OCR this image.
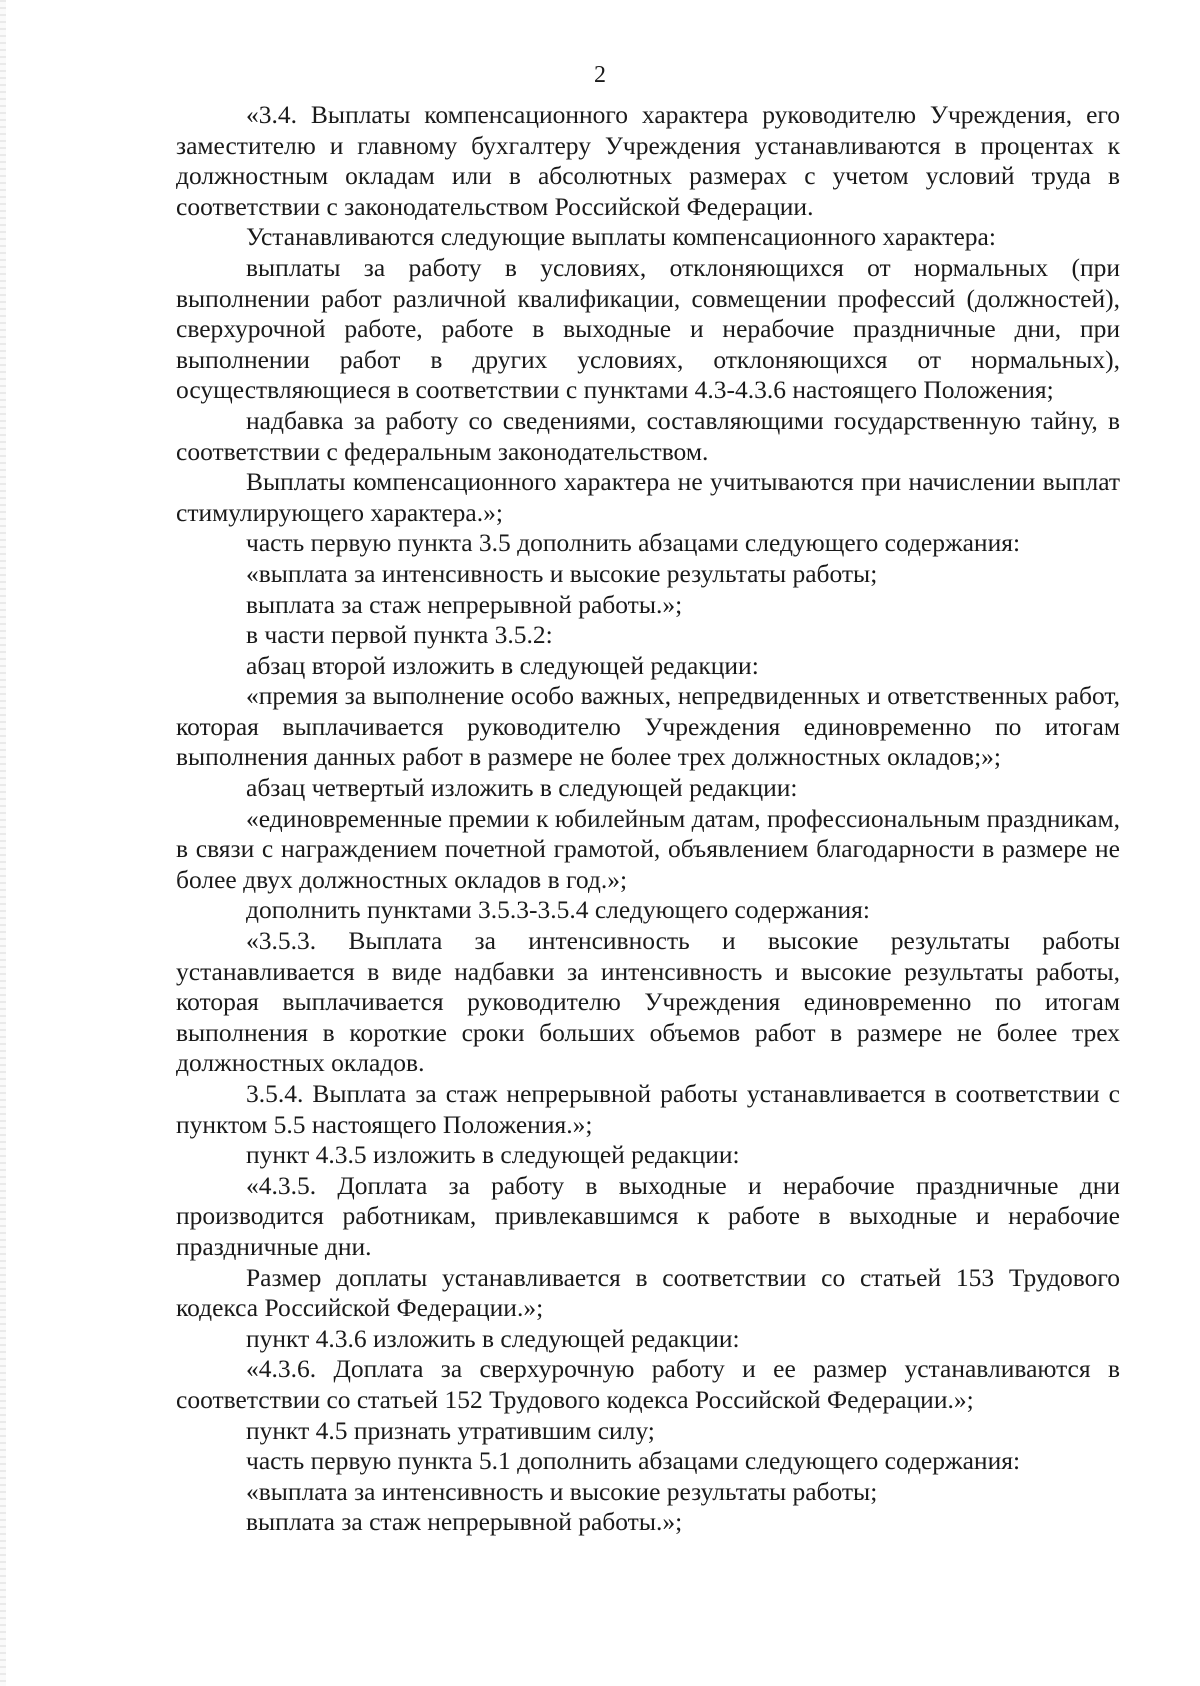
2

«3.4. Выплаты компенсационного характера руководителю Учреждения, его заместителю и главному бухгалтеру Учреждения устанавливаются в процентах к должностным окладам или в абсолютных размерах с учетом условий труда в соответствии с законодательством Российской Федерации.

Устанавливаются следующие выплаты компенсационного характера:

выплаты за работу в условиях, отклоняющихся от нормальных (при выполнении работ различной квалификации, совмещении профессий (должностей), сверхурочной работе, работе в выходные и нерабочие праздничные дни, при выполнении работ в других условиях, отклоняющихся от нормальных), осуществляющиеся в соответствии с пунктами 4.3-4.3.6 настоящего Положения;

надбавка за работу со сведениями, составляющими государственную тайну, в соответствии с федеральным законодательством.

Выплаты компенсационного характера не учитываются при начислении выплат стимулирующего характера.»;

часть первую пункта 3.5 дополнить абзацами следующего содержания:

«выплата за интенсивность и высокие результаты работы;

выплата за стаж непрерывной работы.»;

в части первой пункта 3.5.2:

абзац второй изложить в следующей редакции:

«премия за выполнение особо важных, непредвиденных и ответственных работ, которая выплачивается руководителю Учреждения единовременно по итогам выполнения данных работ в размере не более трех должностных окладов;»;

абзац четвертый изложить в следующей редакции:

«единовременные премии к юбилейным датам, профессиональным праздникам, в связи с награждением почетной грамотой, объявлением благодарности в размере не более двух должностных окладов в год.»;

дополнить пунктами 3.5.3-3.5.4 следующего содержания:

«3.5.3. Выплата за интенсивность и высокие результаты работы устанавливается в виде надбавки за интенсивность и высокие результаты работы, которая выплачивается руководителю Учреждения единовременно по итогам выполнения в короткие сроки больших объемов работ в размере не более трех должностных окладов.

3.5.4. Выплата за стаж непрерывной работы устанавливается в соответствии с пунктом 5.5 настоящего Положения.»;

пункт 4.3.5 изложить в следующей редакции:

«4.3.5. Доплата за работу в выходные и нерабочие праздничные дни производится работникам, привлекавшимся к работе в выходные и нерабочие праздничные дни.

Размер доплаты устанавливается в соответствии со статьей 153 Трудового кодекса Российской Федерации.»;

пункт 4.3.6 изложить в следующей редакции:

«4.3.6. Доплата за сверхурочную работу и ее размер устанавливаются в соответствии со статьей 152 Трудового кодекса Российской Федерации.»;

пункт 4.5 признать утратившим силу;

часть первую пункта 5.1 дополнить абзацами следующего содержания:

«выплата за интенсивность и высокие результаты работы;

выплата за стаж непрерывной работы.»;
